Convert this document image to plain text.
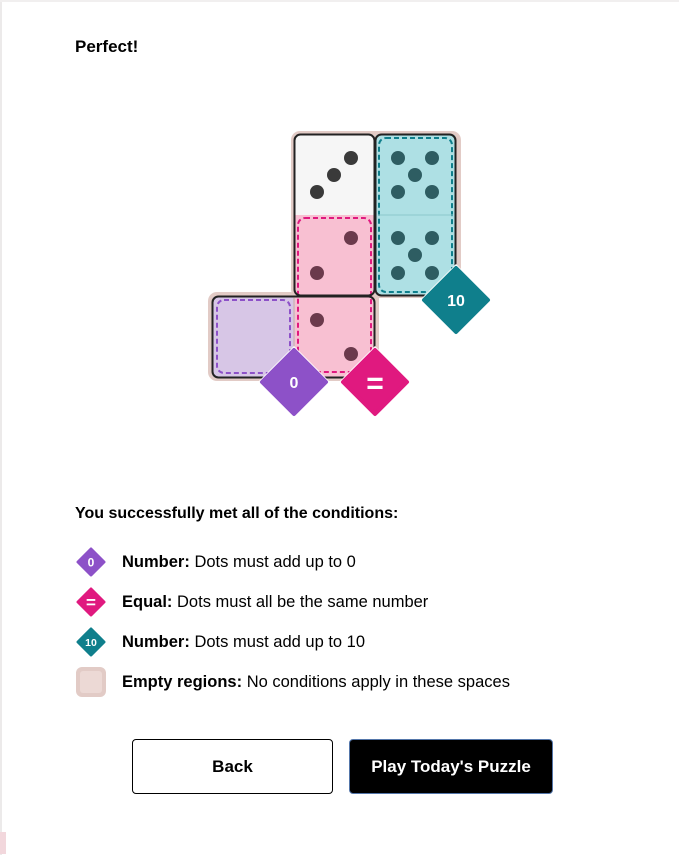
Perfect!
10
0 =
You successfully met all of the conditions:
0 Number: Dots must add up to 0
= Equal: Dots must all be the same number
10 Number: Dots must add up to 10
Empty regions: No conditions apply in these spaces
Back	Play Today's Puzzle
